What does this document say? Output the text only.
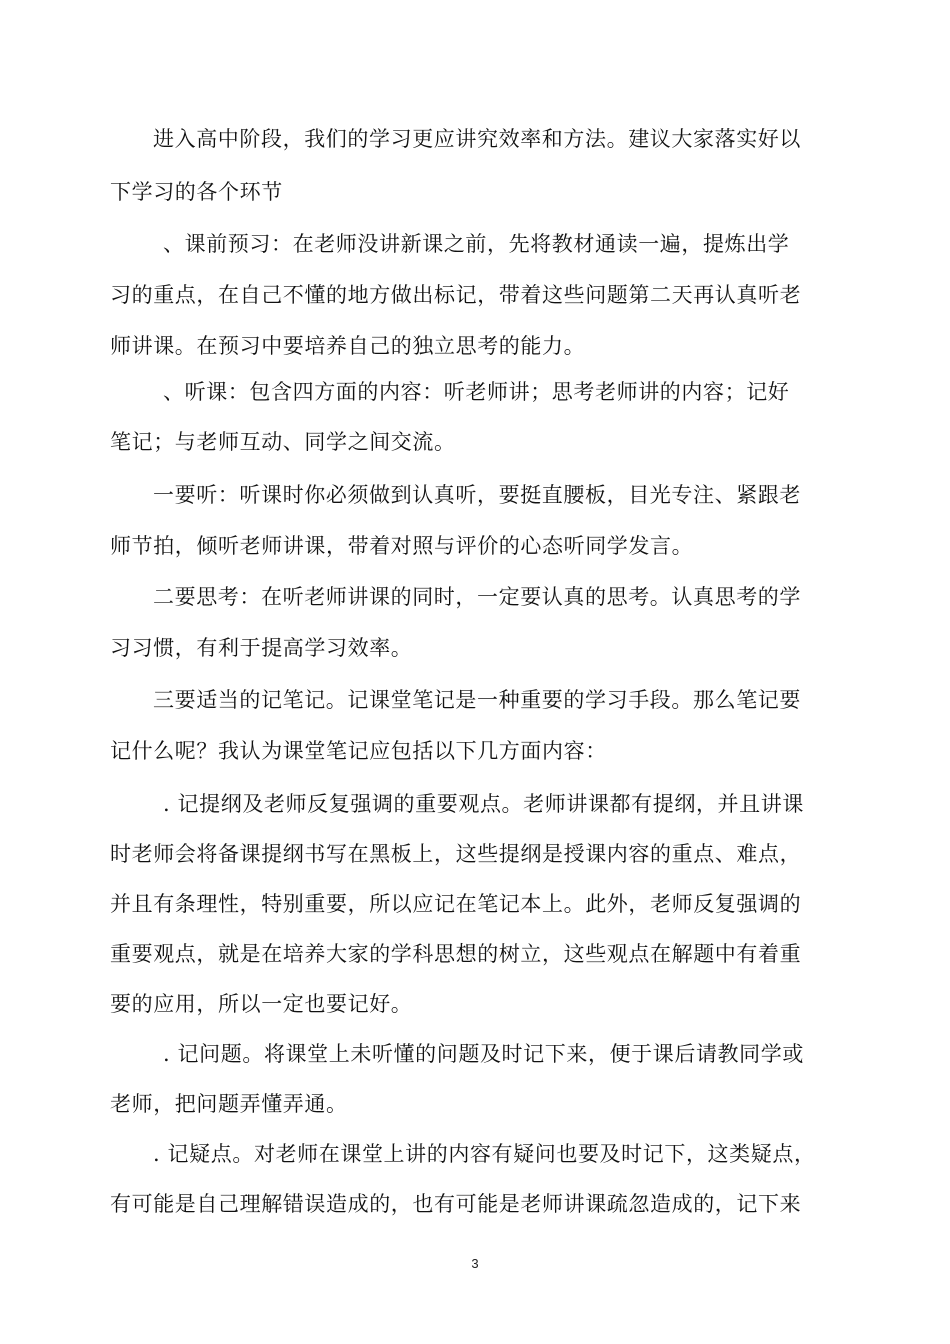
进入高中阶段，我们的学习更应讲究效率和方法。建议大家落实好以
下学习的各个环节
、课前预习：在老师没讲新课之前，先将教材通读一遍，提炼出学
习的重点，在自己不懂的地方做出标记，带着这些问题第二天再认真听老
师讲课。在预习中要培养自己的独立思考的能力。
、听课：包含四方面的内容：听老师讲；思考老师讲的内容；记好
笔记；与老师互动、同学之间交流。
一要听：听课时你必须做到认真听，要挺直腰板，目光专注、紧跟老
师节拍，倾听老师讲课，带着对照与评价的心态听同学发言。
二要思考：在听老师讲课的同时，一定要认真的思考。认真思考的学
习习惯，有利于提高学习效率。
三要适当的记笔记。记课堂笔记是一种重要的学习手段。那么笔记要
记什么呢？我认为课堂笔记应包括以下几方面内容：
. 记提纲及老师反复强调的重要观点。老师讲课都有提纲，并且讲课
时老师会将备课提纲书写在黑板上，这些提纲是授课内容的重点、难点，
并且有条理性，特别重要，所以应记在笔记本上。此外，老师反复强调的
重要观点，就是在培养大家的学科思想的树立，这些观点在解题中有着重
要的应用，所以一定也要记好。
. 记问题。将课堂上未听懂的问题及时记下来，便于课后请教同学或
老师，把问题弄懂弄通。
. 记疑点。对老师在课堂上讲的内容有疑问也要及时记下，这类疑点，
有可能是自己理解错误造成的，也有可能是老师讲课疏忽造成的，记下来
3
